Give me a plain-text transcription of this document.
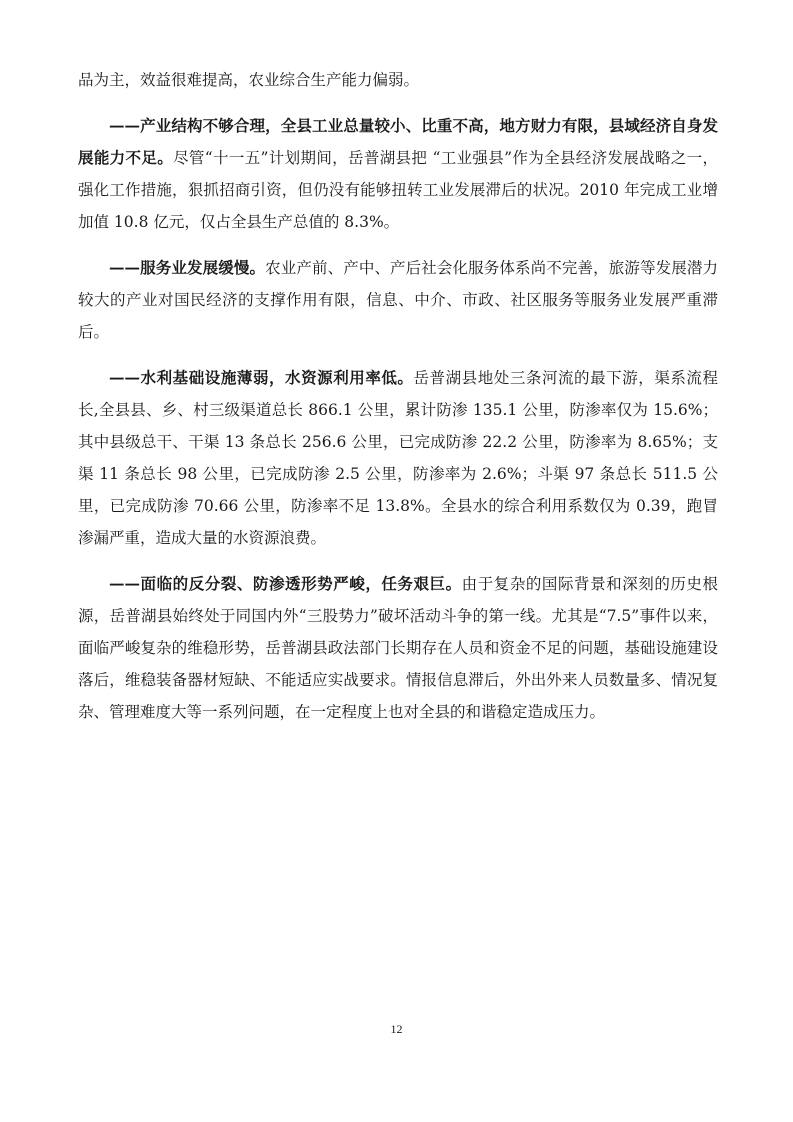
品为主，效益很难提高，农业综合生产能力偏弱。

——产业结构不够合理，全县工业总量较小、比重不高，地方财力有限，县域经济自身发展能力不足。尽管“十一五”计划期间，岳普湖县把 “工业强县”作为全县经济发展战略之一，强化工作措施，狠抓招商引资，但仍没有能够扭转工业发展滞后的状况。2010 年完成工业增加值 10.8 亿元，仅占全县生产总值的 8.3%。

——服务业发展缓慢。农业产前、产中、产后社会化服务体系尚不完善，旅游等发展潜力较大的产业对国民经济的支撑作用有限，信息、中介、市政、社区服务等服务业发展严重滞后。

——水利基础设施薄弱，水资源利用率低。岳普湖县地处三条河流的最下游，渠系流程长,全县县、乡、村三级渠道总长 866.1 公里，累计防渗 135.1 公里，防渗率仅为 15.6%；其中县级总干、干渠 13 条总长 256.6 公里，已完成防渗 22.2 公里，防渗率为 8.65%；支渠 11 条总长 98 公里，已完成防渗 2.5 公里，防渗率为 2.6%；斗渠 97 条总长 511.5 公里，已完成防渗 70.66 公里，防渗率不足 13.8%。全县水的综合利用系数仅为 0.39，跑冒渗漏严重，造成大量的水资源浪费。

——面临的反分裂、防渗透形势严峻，任务艰巨。由于复杂的国际背景和深刻的历史根源，岳普湖县始终处于同国内外“三股势力”破坏活动斗争的第一线。尤其是“7.5”事件以来，面临严峻复杂的维稳形势，岳普湖县政法部门长期存在人员和资金不足的问题，基础设施建设落后，维稳装备器材短缺、不能适应实战要求。情报信息滞后，外出外来人员数量多、情况复杂、管理难度大等一系列问题，在一定程度上也对全县的和谐稳定造成压力。

12
